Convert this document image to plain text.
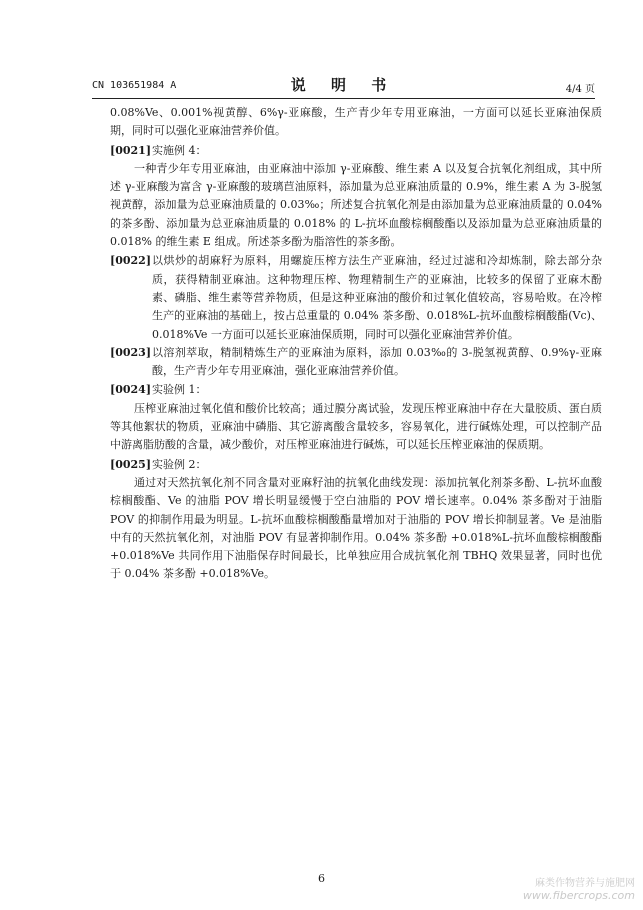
CN 103651984 A	说 明 书	4/4 页

0.08%Ve、0.001%视黄醇、6%γ-亚麻酸，生产青少年专用亚麻油，一方面可以延长亚麻油保质期，同时可以强化亚麻油营养价值。

[0021] 实施例 4：

一种青少年专用亚麻油，由亚麻油中添加 γ-亚麻酸、维生素 A 以及复合抗氧化剂组成，其中所述 γ-亚麻酸为富含 γ-亚麻酸的玻璃苣油原料，添加量为总亚麻油质量的 0.9%，维生素 A 为 3-脱氢视黄醇，添加量为总亚麻油质量的 0.03‰；所述复合抗氧化剂是由添加量为总亚麻油质量的 0.04% 的茶多酚、添加量为总亚麻油质量的 0.018% 的 L-抗坏血酸棕榈酸酯以及添加量为总亚麻油质量的 0.018% 的维生素 E 组成。所述茶多酚为脂溶性的茶多酚。

[0022] 以烘炒的胡麻籽为原料，用螺旋压榨方法生产亚麻油，经过过滤和冷却炼制，除去部分杂质，获得精制亚麻油。这种物理压榨、物理精制生产的亚麻油，比较多的保留了亚麻木酚素、磷脂、维生素等营养物质，但是这种亚麻油的酸价和过氧化值较高，容易哈败。在冷榨生产的亚麻油的基础上，按占总重量的 0.04% 茶多酚、0.018%L-抗坏血酸棕榈酸酯(Vc)、0.018%Ve 一方面可以延长亚麻油保质期，同时可以强化亚麻油营养价值。
[0023] 以溶剂萃取，精制精炼生产的亚麻油为原料，添加 0.03‰的 3-脱氢视黄醇、0.9%γ-亚麻酸，生产青少年专用亚麻油，强化亚麻油营养价值。
[0024] 实验例 1：

压榨亚麻油过氧化值和酸价比较高；通过膜分离试验，发现压榨亚麻油中存在大量胶质、蛋白质等其他絮状的物质，亚麻油中磷脂、其它游离酸含量较多，容易氧化，进行碱炼处理，可以控制产品中游离脂肪酸的含量，减少酸价，对压榨亚麻油进行碱炼，可以延长压榨亚麻油的保质期。

[0025] 实验例 2：

通过对天然抗氧化剂不同含量对亚麻籽油的抗氧化曲线发现：添加抗氧化剂茶多酚、L-抗坏血酸棕榈酸酯、Ve 的油脂 POV 增长明显缓慢于空白油脂的 POV 增长速率。0.04% 茶多酚对于油脂 POV 的抑制作用最为明显。L-抗坏血酸棕榈酸酯量增加对于油脂的 POV 增长抑制显著。Ve 是油脂中有的天然抗氧化剂，对油脂 POV 有显著抑制作用。0.04% 茶多酚 +0.018%L-抗坏血酸棕榈酸酯 +0.018%Ve 共同作用下油脂保存时间最长，比单独应用合成抗氧化剂 TBHQ 效果显著，同时也优于 0.04% 茶多酚 +0.018%Ve。

6	麻类作物营养与施肥网
www.fibercrops.com
